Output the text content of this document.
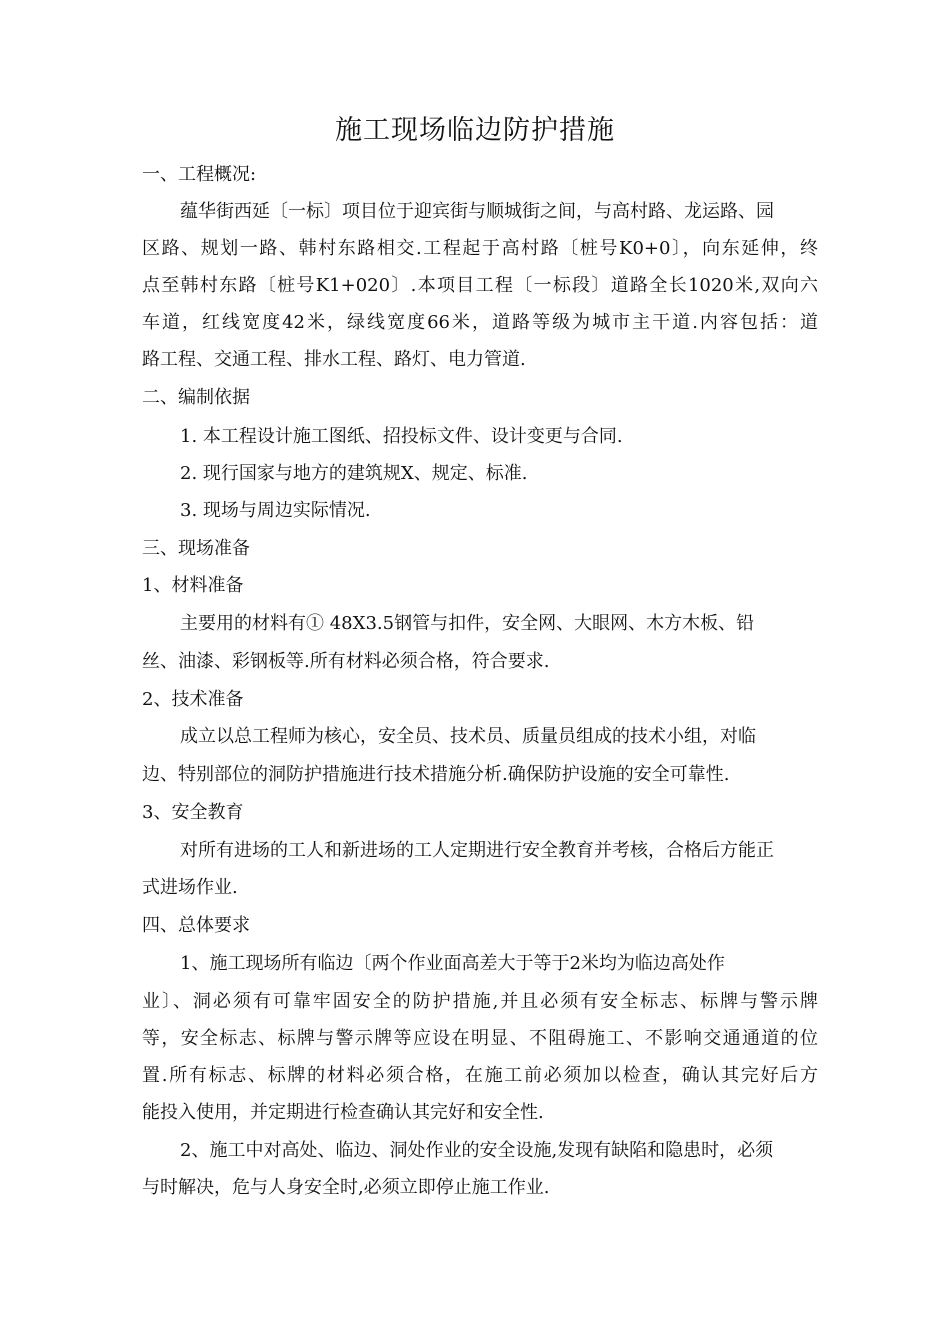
施工现场临边防护措施
一、工程概况:
蕴华街西延〔一标〕项目位于迎宾街与顺城街之间，与高村路、龙运路、园
区路、规划一路、韩村东路相交.工程起于高村路〔桩号K0+0〕，向东延伸，终
点至韩村东路〔桩号K1+020〕.本项目工程〔一标段〕道路全长1020米,双向六
车道，红线宽度42米，绿线宽度66米，道路等级为城市主干道.内容包括：道
路工程、交通工程、排水工程、路灯、电力管道.
二、编制依据
1. 本工程设计施工图纸、招投标文件、设计变更与合同.
2. 现行国家与地方的建筑规X、规定、标准.
3. 现场与周边实际情况.
三、现场准备
1、材料准备
主要用的材料有① 48X3.5钢管与扣件，安全网、大眼网、木方木板、铅
丝、油漆、彩钢板等.所有材料必须合格，符合要求.
2、技术准备
成立以总工程师为核心，安全员、技术员、质量员组成的技术小组，对临
边、特别部位的洞防护措施进行技术措施分析.确保防护设施的安全可靠性.
3、安全教育
对所有进场的工人和新进场的工人定期进行安全教育并考核，合格后方能正
式进场作业.
四、总体要求
1、施工现场所有临边〔两个作业面高差大于等于2米均为临边高处作
业〕、洞必须有可靠牢固安全的防护措施,并且必须有安全标志、标牌与警示牌
等，安全标志、标牌与警示牌等应设在明显、不阻碍施工、不影响交通通道的位
置.所有标志、标牌的材料必须合格，在施工前必须加以检查，确认其完好后方
能投入使用，并定期进行检查确认其完好和安全性.
2、施工中对高处、临边、洞处作业的安全设施,发现有缺陷和隐患时，必须
与时解决，危与人身安全时,必须立即停止施工作业.
